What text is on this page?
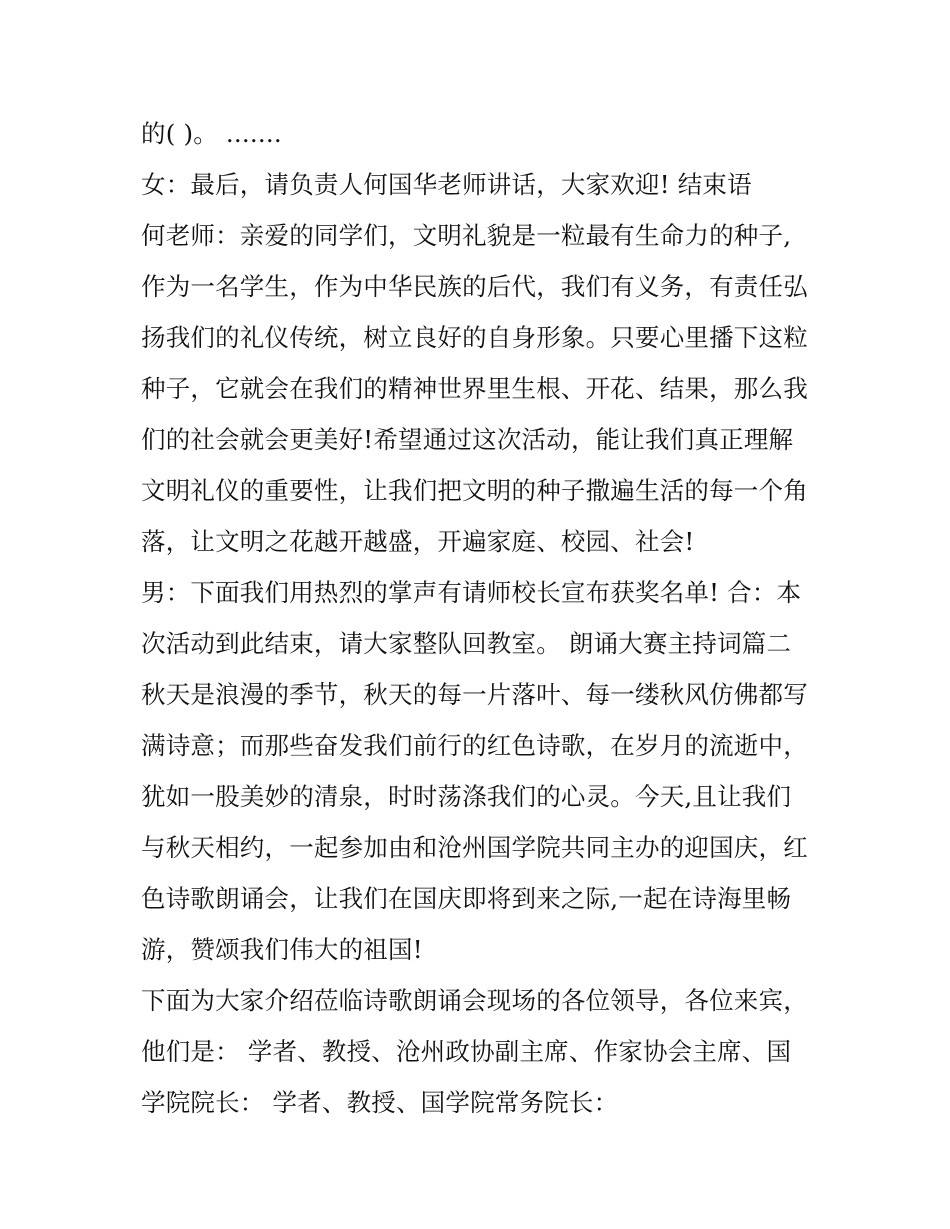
的( )。 .......
女：最后，请负责人何国华老师讲话，大家欢迎! 结束语
何老师：亲爱的同学们，文明礼貌是一粒最有生命力的种子,
作为一名学生，作为中华民族的后代，我们有义务，有责任弘
扬我们的礼仪传统，树立良好的自身形象。只要心里播下这粒
种子，它就会在我们的精神世界里生根、开花、结果，那么我
们的社会就会更美好!希望通过这次活动，能让我们真正理解
文明礼仪的重要性，让我们把文明的种子撒遍生活的每一个角
落，让文明之花越开越盛，开遍家庭、校园、社会!
男：下面我们用热烈的掌声有请师校长宣布获奖名单! 合：本
次活动到此结束，请大家整队回教室。 朗诵大赛主持词篇二
秋天是浪漫的季节，秋天的每一片落叶、每一缕秋风仿佛都写
满诗意；而那些奋发我们前行的红色诗歌，在岁月的流逝中，
犹如一股美妙的清泉，时时荡涤我们的心灵。今天,且让我们
与秋天相约，一起参加由和沧州国学院共同主办的迎国庆，红
色诗歌朗诵会，让我们在国庆即将到来之际,一起在诗海里畅
游，赞颂我们伟大的祖国!
下面为大家介绍莅临诗歌朗诵会现场的各位领导，各位来宾，
他们是： 学者、教授、沧州政协副主席、作家协会主席、国
学院院长： 学者、教授、国学院常务院长：
